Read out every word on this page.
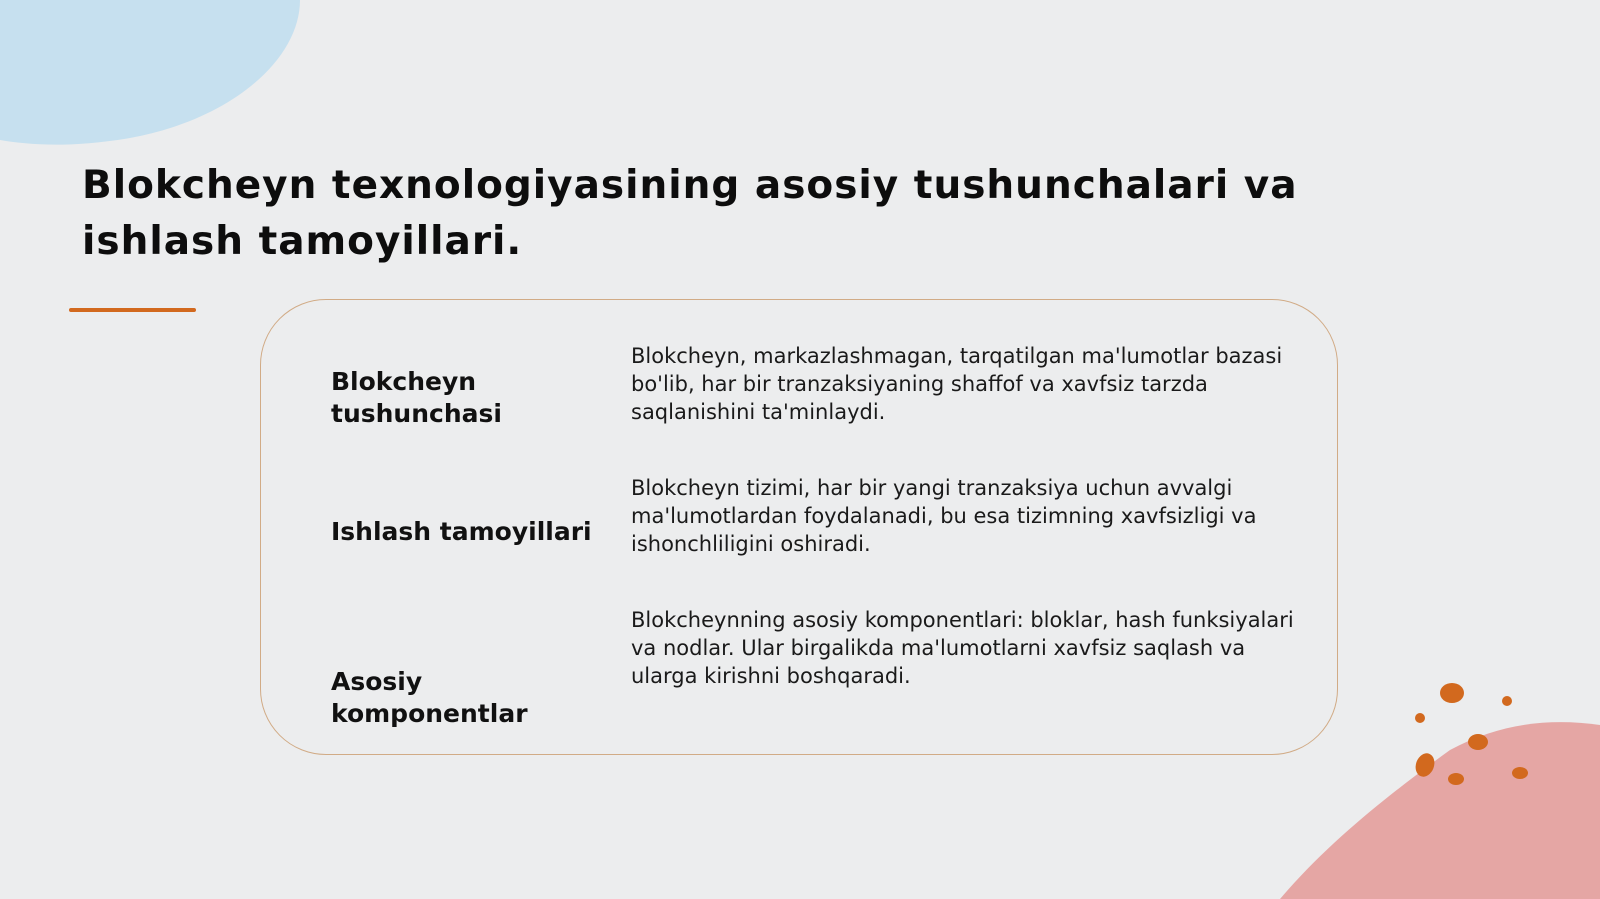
Blokcheyn texnologiyasining asosiy tushunchalari va ishlash tamoyillari.
Blokcheyn tushunchasi
Blokcheyn, markazlashmagan, tarqatilgan ma'lumotlar bazasi bo'lib, har bir tranzaksiyaning shaffof va xavfsiz tarzda saqlanishini ta'minlaydi.
Ishlash tamoyillari
Blokcheyn tizimi, har bir yangi tranzaksiya uchun avvalgi ma'lumotlardan foydalanadi, bu esa tizimning xavfsizligi va ishonchliligini oshiradi.
Asosiy komponentlar
Blokcheynning asosiy komponentlari: bloklar, hash funksiyalari va nodlar. Ular birgalikda ma'lumotlarni xavfsiz saqlash va ularga kirishni boshqaradi.
